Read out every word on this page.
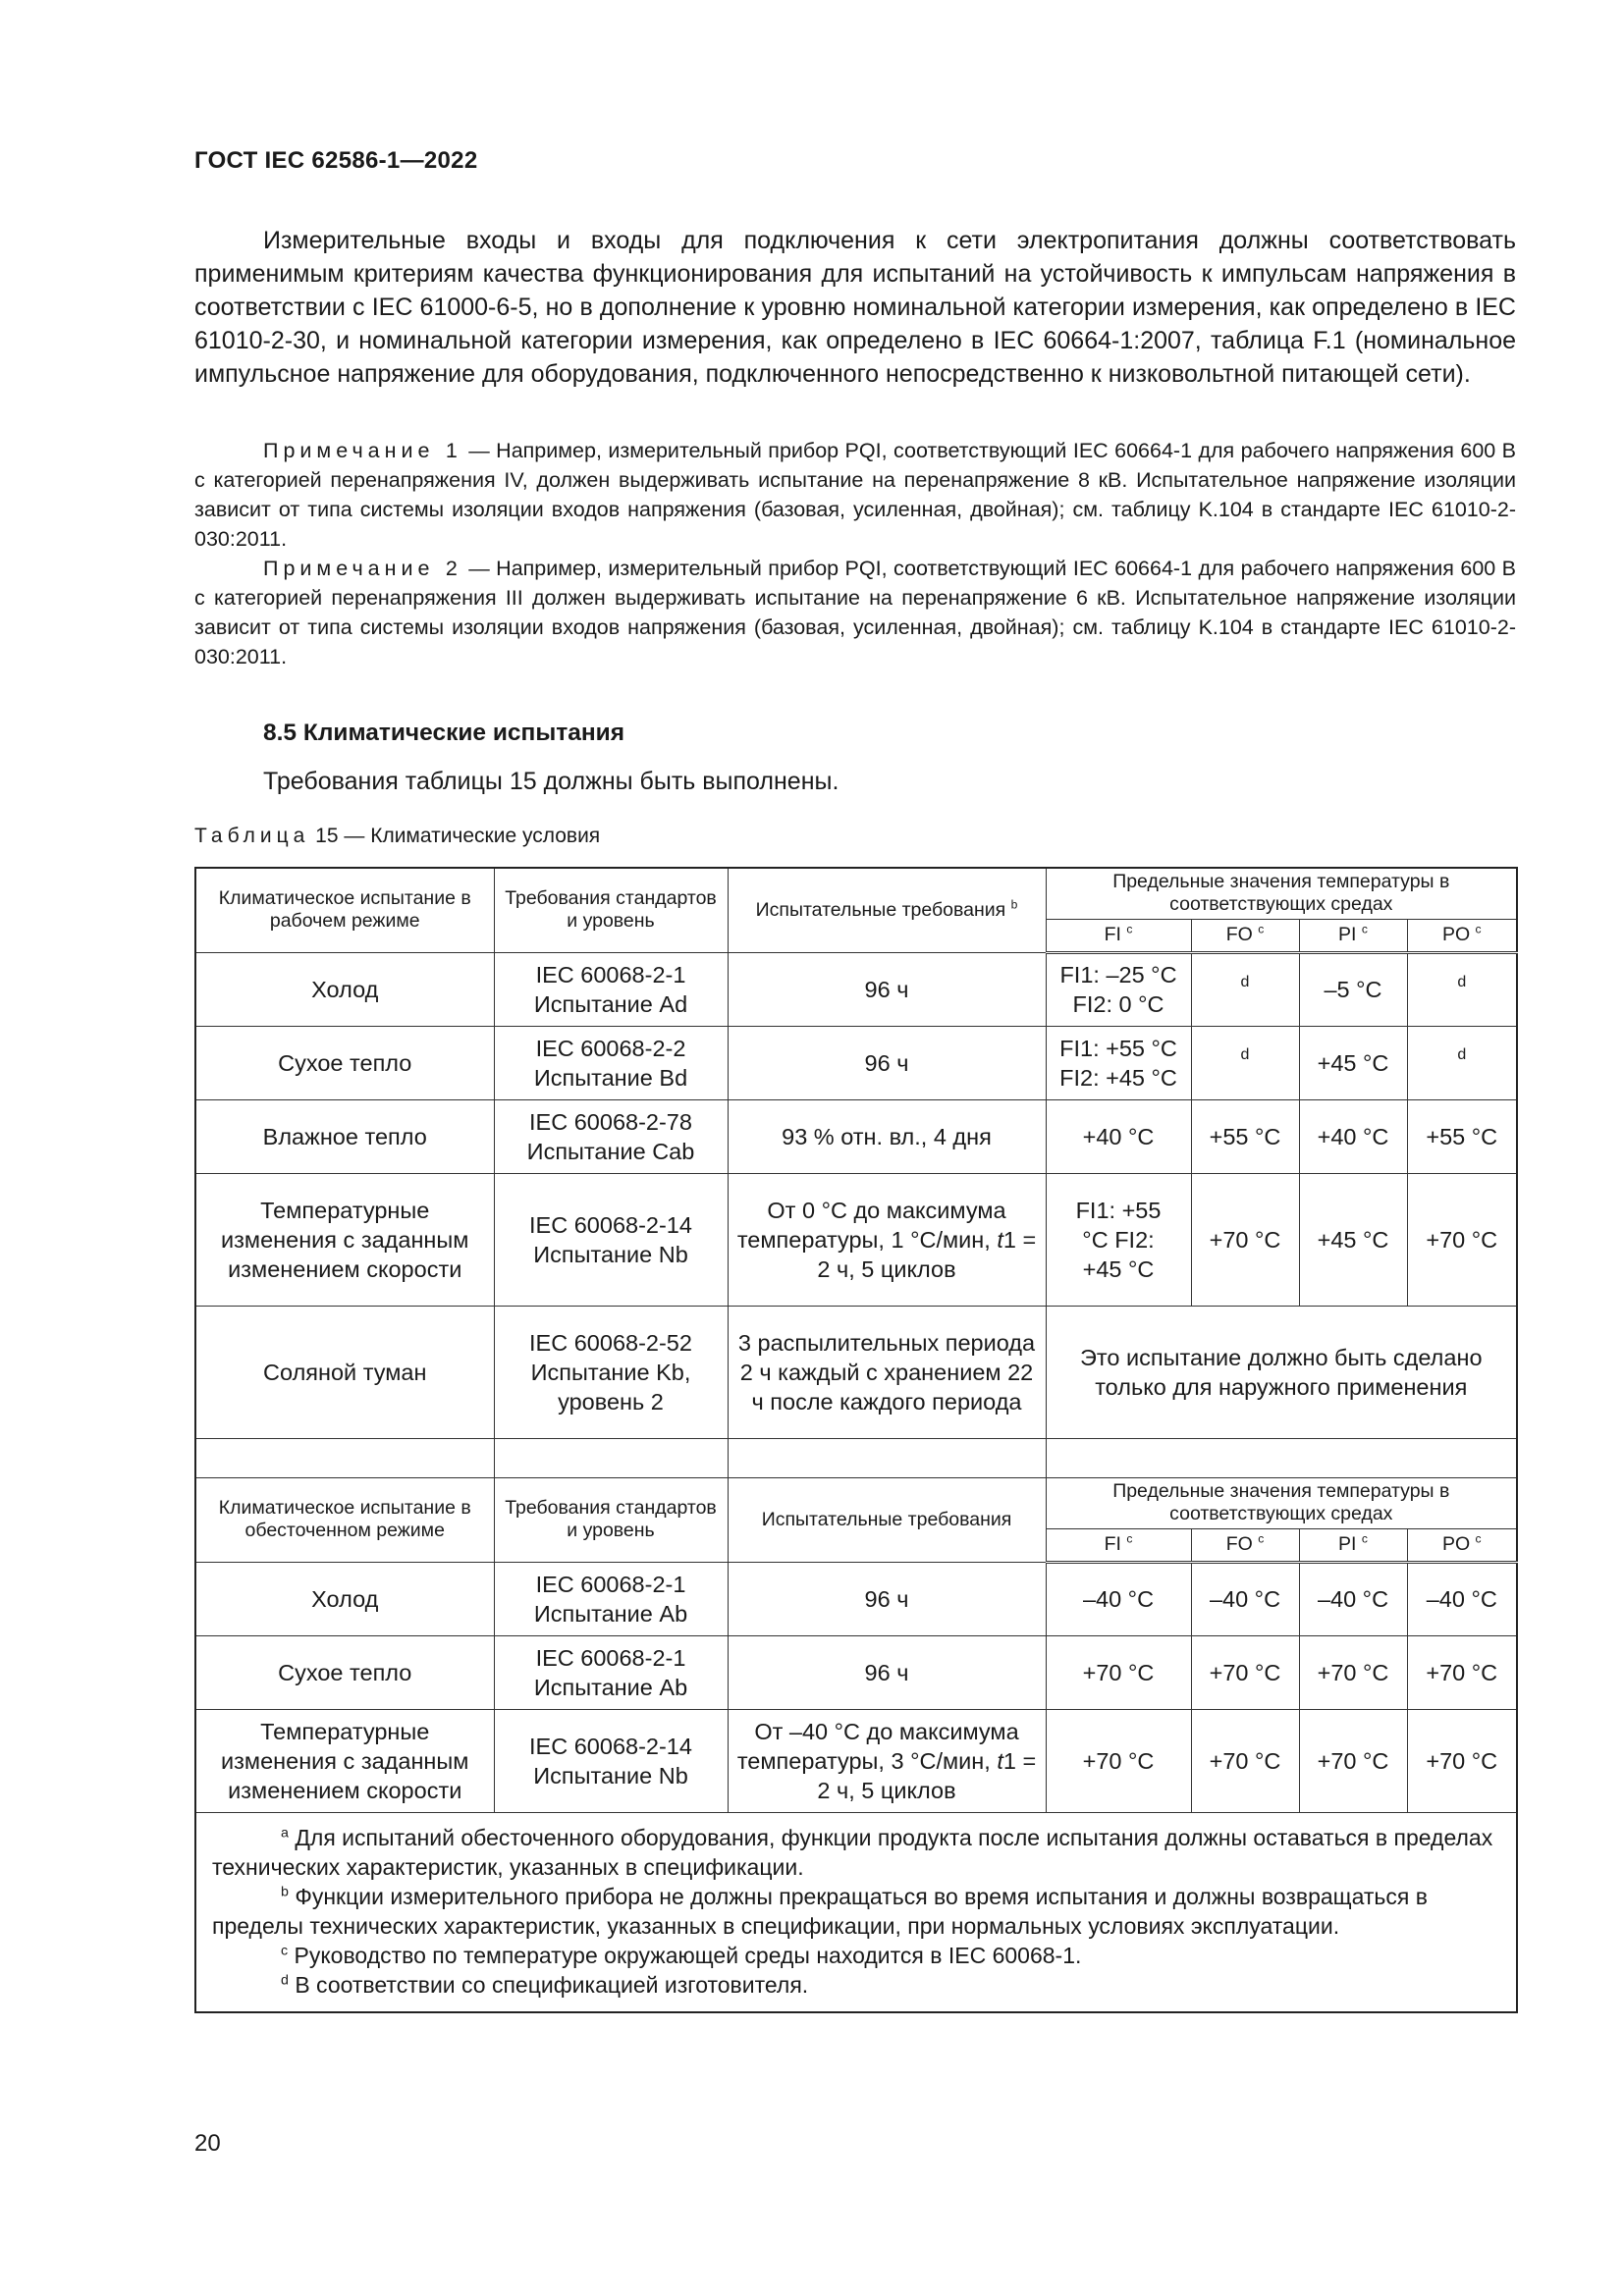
ГОСТ IEC 62586-1—2022

Измерительные входы и входы для подключения к сети электропитания должны соответствовать применимым критериям качества функционирования для испытаний на устойчивость к импульсам напряжения в соответствии с IEC 61000-6-5, но в дополнение к уровню номинальной категории измерения, как определено в IEC 61010-2-30, и номинальной категории измерения, как определено в IEC 60664-1:2007, таблица F.1 (номинальное импульсное напряжение для оборудования, подключенного непосредственно к низковольтной питающей сети).

Примечание 1 — Например, измерительный прибор PQI, соответствующий IEC 60664-1 для рабочего напряжения 600 В с категорией перенапряжения IV, должен выдерживать испытание на перенапряжение 8 кВ. Испытательное напряжение изоляции зависит от типа системы изоляции входов напряжения (базовая, усиленная, двойная); см. таблицу K.104 в стандарте IEC 61010-2-030:2011.

Примечание 2 — Например, измерительный прибор PQI, соответствующий IEC 60664-1 для рабочего напряжения 600 В с категорией перенапряжения III должен выдерживать испытание на перенапряжение 6 кВ. Испытательное напряжение изоляции зависит от типа системы изоляции входов напряжения (базовая, усиленная, двойная); см. таблицу K.104 в стандарте IEC 61010-2-030:2011.

8.5 Климатические испытания
Требования таблицы 15 должны быть выполнены.
Таблица 15 — Климатические условия
Климатическое испытание в рабочем режиме	Требования стандартов и уровень	Испытательные требования $^b$	Предельные значения температуры в соответствующих средах			
			FI $^c$	FO $^c$	PI $^c$	PO $^c$
Холод	IEC 60068-2-1 Испытание Ad	96 ч	FI1: –25 °C FI2: 0 °C	d	–5 °C	d
Сухое тепло	IEC 60068-2-2 Испытание Bd	96 ч	FI1: +55 °C FI2: +45 °C	d	+45 °C	d
Влажное тепло	IEC 60068-2-78 Испытание Cab	93 % отн. вл., 4 дня	+40 °C	+55 °C	+40 °C	+55 °C
Температурные изменения с заданным изменением скорости	IEC 60068-2-14 Испытание Nb	От 0 °C до максимума температуры, 1 °C/мин, t1 = 2 ч, 5 циклов	FI1: +55 °C FI2: +45 °C	+70 °C	+45 °C	+70 °C
Соляной туман	IEC 60068-2-52 Испытание Kb, уровень 2	3 распылительных периода 2 ч каждый с хранением 22 ч после каждого периода	Это испытание должно быть сделано только для наружного применения			

Климатическое испытание в обесточенном режиме	Требования стандартов и уровень	Испытательные требования	Предельные значения температуры в соответствующих средах			
			FI $^c$	FO $^c$	PI $^c$	PO $^c$
Холод	IEC 60068-2-1 Испытание Ab	96 ч	–40 °C	–40 °C	–40 °C	–40 °C
Сухое тепло	IEC 60068-2-1 Испытание Ab	96 ч	+70 °C	+70 °C	+70 °C	+70 °C
Температурные изменения с заданным изменением скорости	IEC 60068-2-14 Испытание Nb	От –40 °C до максимума температуры, 3 °C/мин, t1 = 2 ч, 5 циклов	+70 °C	+70 °C	+70 °C	+70 °C

$^a$ Для испытаний обесточенного оборудования, функции продукта после испытания должны оставаться в пределах технических характеристик, указанных в спецификации.
$^b$ Функции измерительного прибора не должны прекращаться во время испытания и должны возвращаться в пределы технических характеристик, указанных в спецификации, при нормальных условиях эксплуатации.
$^c$ Руководство по температуре окружающей среды находится в IEC 60068-1.
$^d$ В соответствии со спецификацией изготовителя.						
20
